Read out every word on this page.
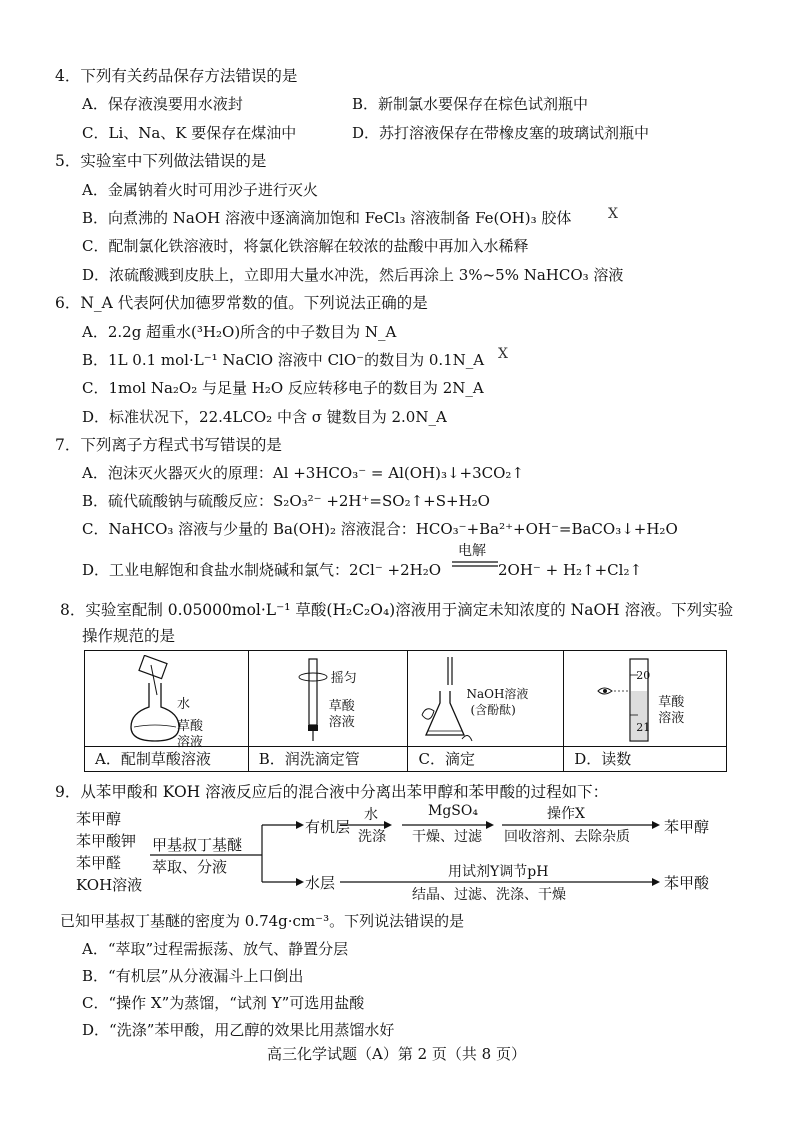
4．下列有关药品保存方法错误的是
A．保存液溴要用水液封	B．新制氯水要保存在棕色试剂瓶中
C．Li、Na、K 要保存在煤油中	D．苏打溶液保存在带橡皮塞的玻璃试剂瓶中
5．实验室中下列做法错误的是
A．金属钠着火时可用沙子进行灭火
B．向煮沸的 NaOH 溶液中逐滴滴加饱和 FeCl₃ 溶液制备 Fe(OH)₃ 胶体	X
C．配制氯化铁溶液时，将氯化铁溶解在较浓的盐酸中再加入水稀释
D．浓硫酸溅到皮肤上，立即用大量水冲洗，然后再涂上 3%~5% NaHCO₃ 溶液
6．N_A 代表阿伏加德罗常数的值。下列说法正确的是
A．2.2g 超重水(³H₂O)所含的中子数目为 N_A
B．1L 0.1 mol·L⁻¹ NaClO 溶液中 ClO⁻的数目为 0.1N_A X
C．1mol Na₂O₂ 与足量 H₂O 反应转移电子的数目为 2N_A
D．标准状况下，22.4LCO₂ 中含 σ 键数目为 2.0N_A
7．下列离子方程式书写错误的是
A．泡沫灭火器灭火的原理：Al +3HCO₃⁻ = Al(OH)₃↓+3CO₂↑
B．硫代硫酸钠与硫酸反应：S₂O₃²⁻ +2H⁺=SO₂↑+S+H₂O
C．NaHCO₃ 溶液与少量的 Ba(OH)₂ 溶液混合：HCO₃⁻+Ba²⁺+OH⁻=BaCO₃↓+H₂O
D．工业电解饱和食盐水制烧碱和氯气：2Cl⁻ +2H₂O
电解
2OH⁻ + H₂↑+Cl₂↑
8．实验室配制 0.05000mol·L⁻¹ 草酸(H₂C₂O₄)溶液用于滴定未知浓度的 NaOH 溶液。下列实验
操作规范的是
水
草酸
溶液
A．配制草酸溶液

摇匀
草酸
溶液
B．润洗滴定管

NaOH溶液
(含酚酞)
C．滴定

20
草酸
溶液
21
D．读数
9．从苯甲酸和 KOH 溶液反应后的混合液中分离出苯甲醇和苯甲酸的过程如下：
苯甲醇
苯甲酸钾
苯甲醛
KOH溶液
甲基叔丁基醚
萃取、分液
有机层
水
洗涤
MgSO₄
干燥、过滤
操作X
回收溶剂、去除杂质
苯甲醇
水层
用试剂Y调节pH
结晶、过滤、洗涤、干燥
苯甲酸
已知甲基叔丁基醚的密度为 0.74g·cm⁻³。下列说法错误的是
A．“萃取”过程需振荡、放气、静置分层
B．“有机层”从分液漏斗上口倒出
C．“操作 X”为蒸馏，“试剂 Y”可选用盐酸
D．“洗涤”苯甲酸，用乙醇的效果比用蒸馏水好
高三化学试题（A）第 2 页（共 8 页）
